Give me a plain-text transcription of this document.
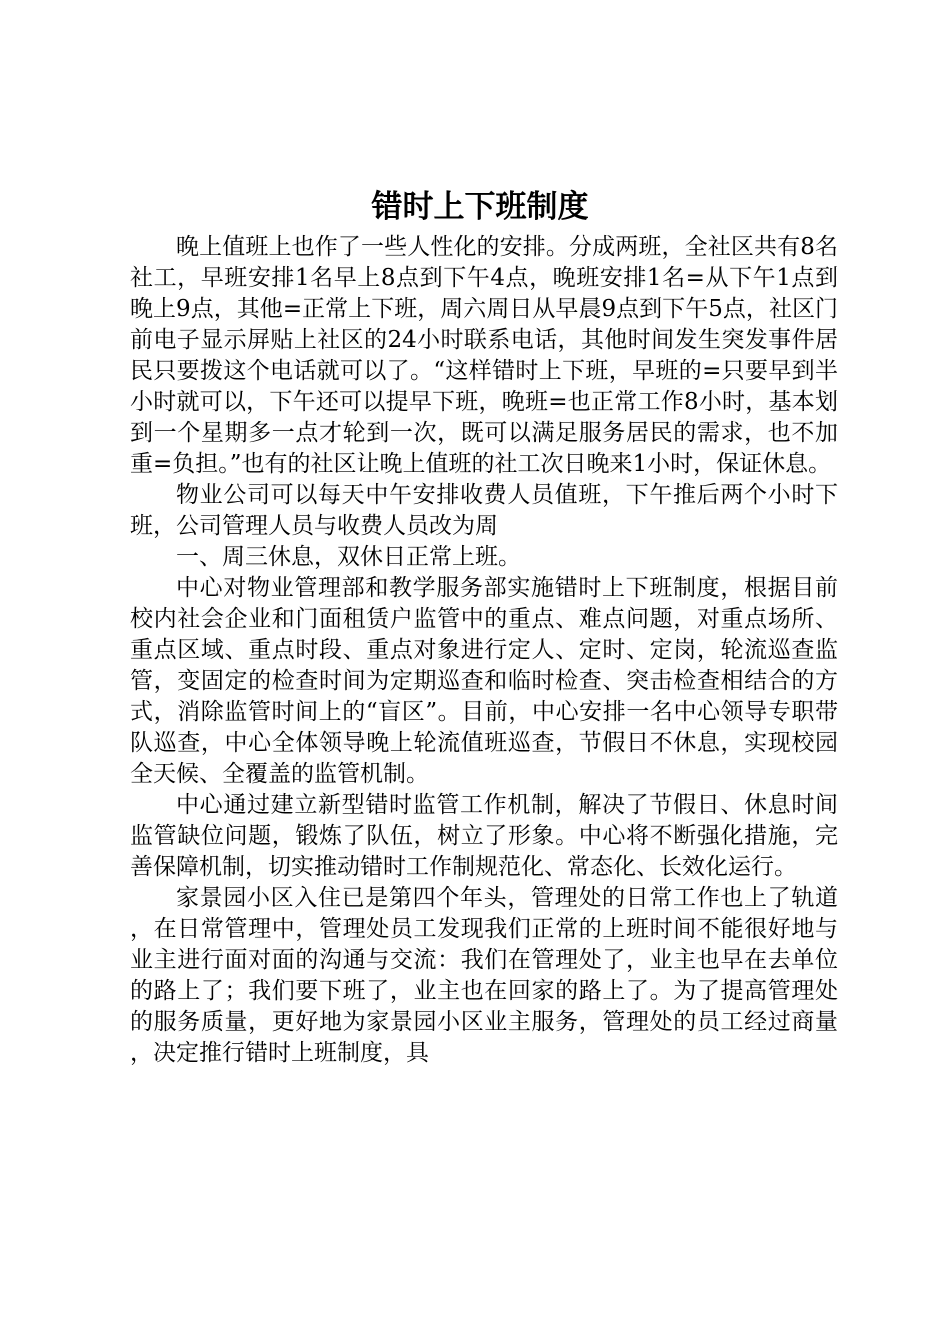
错时上下班制度

晚上值班上也作了一些人性化的安排。分成两班，全社区共有8名社工，早班安排1名早上8点到下午4点，晚班安排1名=从下午1点到晚上9点，其他=正常上下班，周六周日从早晨9点到下午5点，社区门前电子显示屏贴上社区的24小时联系电话，其他时间发生突发事件居民只要拨这个电话就可以了。“这样错时上下班，早班的=只要早到半小时就可以，下午还可以提早下班，晚班=也正常工作8小时，基本划到一个星期多一点才轮到一次，既可以满足服务居民的需求，也不加重=负担。”也有的社区让晚上值班的社工次日晚来1小时，保证休息。

物业公司可以每天中午安排收费人员值班，下午推后两个小时下班，公司管理人员与收费人员改为周

一、周三休息，双休日正常上班。

中心对物业管理部和教学服务部实施错时上下班制度，根据目前校内社会企业和门面租赁户监管中的重点、难点问题，对重点场所、重点区域、重点时段、重点对象进行定人、定时、定岗，轮流巡查监管，变固定的检查时间为定期巡查和临时检查、突击检查相结合的方式，消除监管时间上的“盲区”。目前，中心安排一名中心领导专职带队巡查，中心全体领导晚上轮流值班巡查，节假日不休息，实现校园全天候、全覆盖的监管机制。

中心通过建立新型错时监管工作机制，解决了节假日、休息时间监管缺位问题，锻炼了队伍，树立了形象。中心将不断强化措施，完善保障机制，切实推动错时工作制规范化、常态化、长效化运行。

家景园小区入住已是第四个年头，管理处的日常工作也上了轨道，在日常管理中，管理处员工发现我们正常的上班时间不能很好地与业主进行面对面的沟通与交流：我们在管理处了，业主也早在去单位的路上了；我们要下班了，业主也在回家的路上了。为了提高管理处的服务质量，更好地为家景园小区业主服务，管理处的员工经过商量，决定推行错时上班制度，具
